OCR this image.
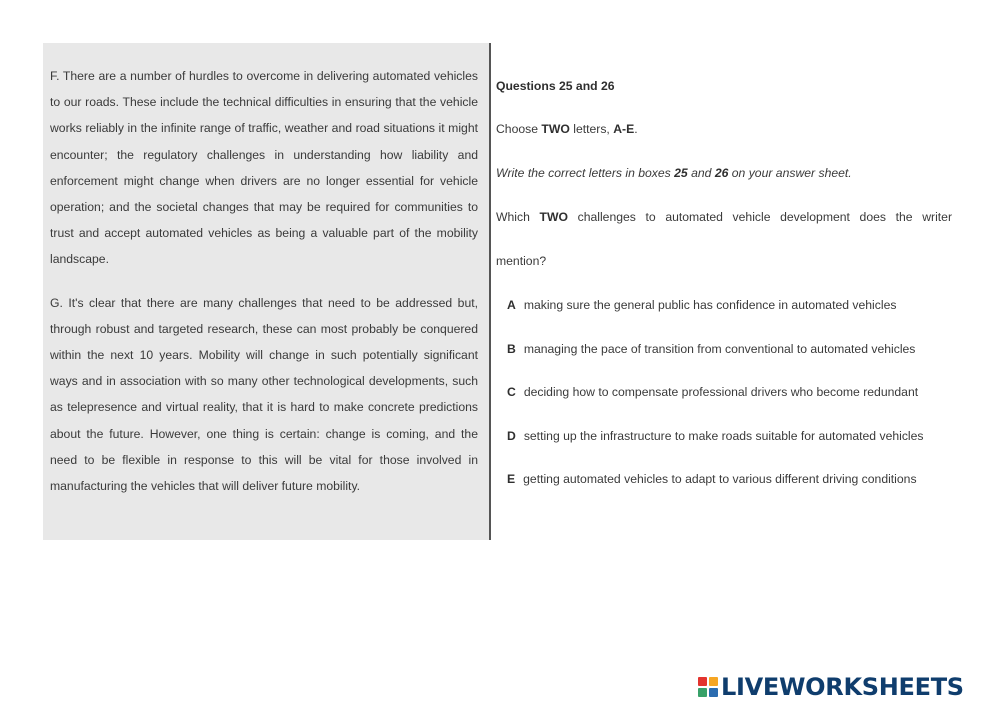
F. There are a number of hurdles to overcome in delivering automated vehicles to our roads. These include the technical difficulties in ensuring that the vehicle works reliably in the infinite range of traffic, weather and road situations it might encounter; the regulatory challenges in understanding how liability and enforcement might change when drivers are no longer essential for vehicle operation; and the societal changes that may be required for communities to trust and accept automated vehicles as being a valuable part of the mobility landscape.

G. It's clear that there are many challenges that need to be addressed but, through robust and targeted research, these can most probably be conquered within the next 10 years. Mobility will change in such potentially significant ways and in association with so many other technological developments, such as telepresence and virtual reality, that it is hard to make concrete predictions about the future. However, one thing is certain: change is coming, and the need to be flexible in response to this will be vital for those involved in manufacturing the vehicles that will deliver future mobility.

Questions 25 and 26
Choose TWO letters, A-E.
Write the correct letters in boxes 25 and 26 on your answer sheet.
Which TWO challenges to automated vehicle development does the writer
mention?
A making sure the general public has confidence in automated vehicles
B managing the pace of transition from conventional to automated vehicles
C deciding how to compensate professional drivers who become redundant
D setting up the infrastructure to make roads suitable for automated vehicles
E getting automated vehicles to adapt to various different driving conditions
LIVEWORKSHEETS
